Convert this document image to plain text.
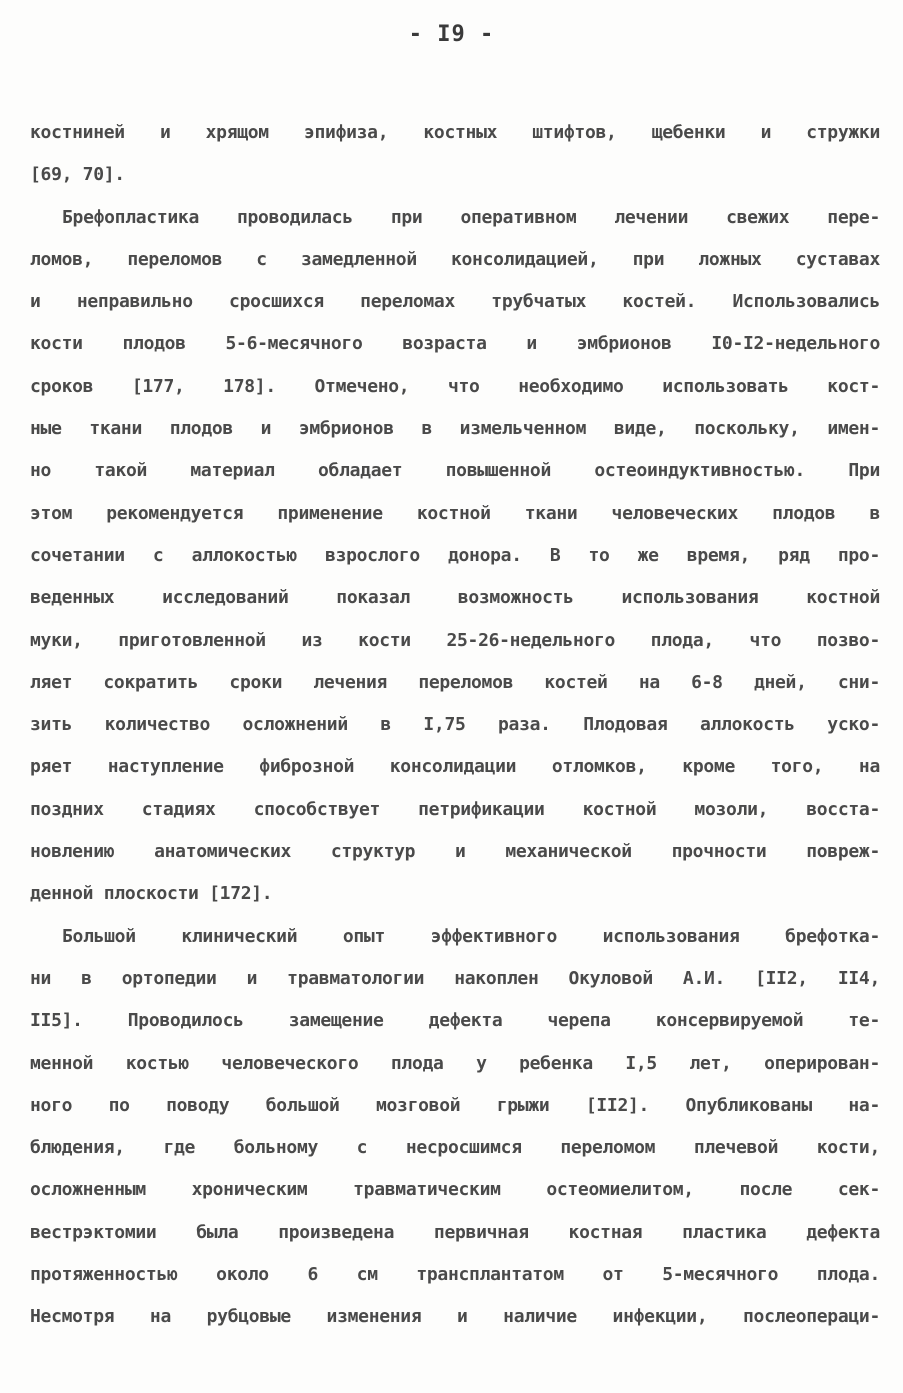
- I9 -
костниней и хрящом эпифиза, костных штифтов, щебенки и стружки
[69, 70].
Брефопластика проводилась при оперативном лечении свежих пере-
ломов, переломов с замедленной консолидацией, при ложных суставах
и неправильно сросшихся переломах трубчатых костей. Использовались
кости плодов 5-6-месячного возраста и эмбрионов I0-I2-недельного
сроков [177, 178]. Отмечено, что необходимо использовать кост-
ные ткани плодов и эмбрионов в измельченном виде, поскольку, имен-
но такой материал обладает повышенной остеоиндуктивностью. При
этом рекомендуется применение костной ткани человеческих плодов в
сочетании с аллокостью взрослого донора. В то же время, ряд про-
веденных исследований показал возможность использования костной
муки, приготовленной из кости 25-26-недельного плода, что позво-
ляет сократить сроки лечения переломов костей на 6-8 дней, сни-
зить количество осложнений в I,75 раза. Плодовая аллокость уско-
ряет наступление фиброзной консолидации отломков, кроме того, на
поздних стадиях способствует петрификации костной мозоли, восста-
новлению анатомических структур и механической прочности повреж-
денной плоскости [172].
Большой клинический опыт эффективного использования брефотка-
ни в ортопедии и травматологии накоплен Окуловой А.И. [II2, II4,
II5]. Проводилось замещение дефекта черепа консервируемой те-
менной костью человеческого плода у ребенка I,5 лет, оперирован-
ного по поводу большой мозговой грыжи [II2]. Опубликованы на-
блюдения, где больному с несросшимся переломом плечевой кости,
осложненным хроническим травматическим остеомиелитом, после сек-
вестрэктомии была произведена первичная костная пластика дефекта
протяженностью около 6 см трансплантатом от 5-месячного плода.
Несмотря на рубцовые изменения и наличие инфекции, послеопераци-
